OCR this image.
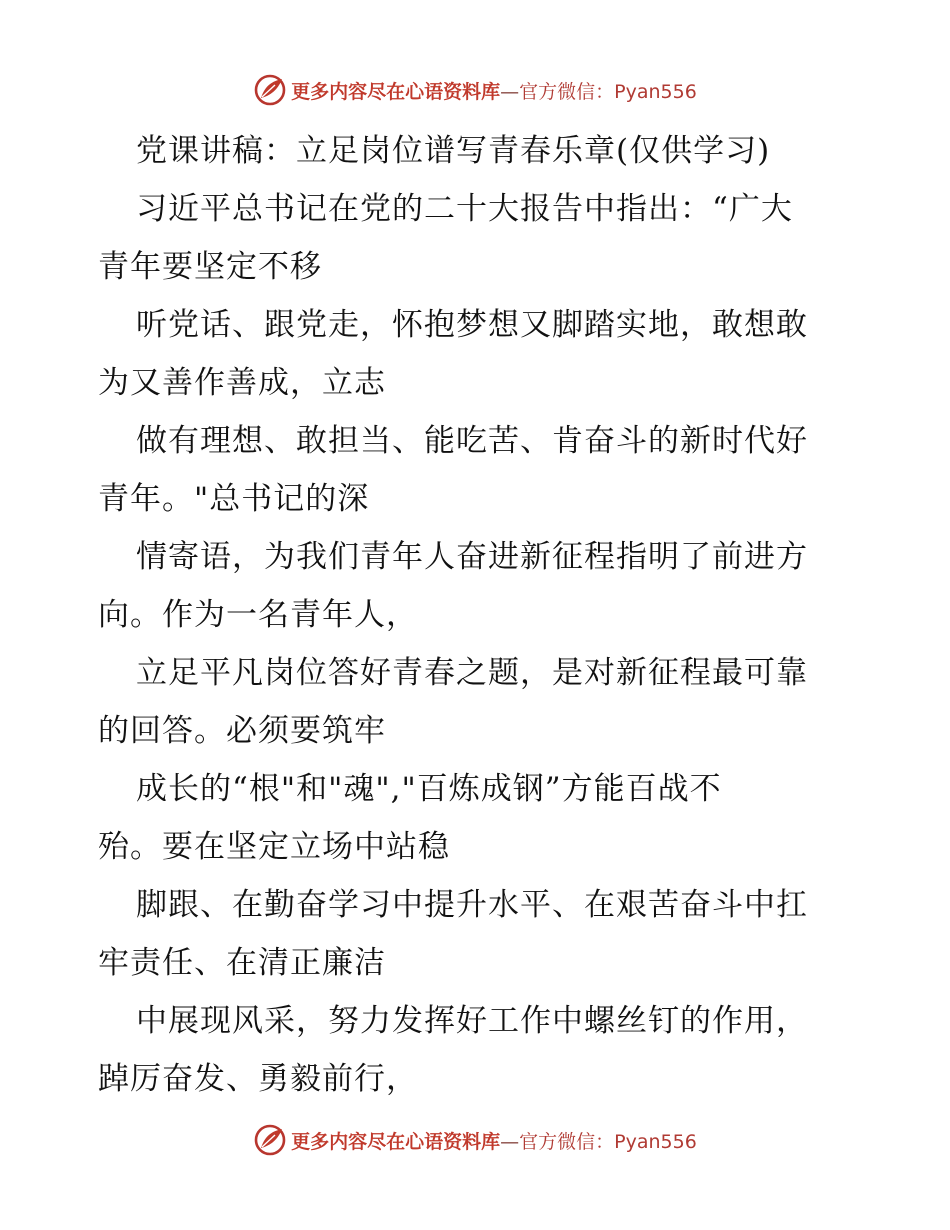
更多内容尽在心语资料库—官方微信：Pyan556
党课讲稿：立足岗位谱写青春乐章(仅供学习)
习近平总书记在党的二十大报告中指出：“广大
青年要坚定不移
听党话、跟党走，怀抱梦想又脚踏实地，敢想敢
为又善作善成，立志
做有理想、敢担当、能吃苦、肯奋斗的新时代好
青年。"总书记的深
情寄语，为我们青年人奋进新征程指明了前进方
向。作为一名青年人，
立足平凡岗位答好青春之题，是对新征程最可靠
的回答。必须要筑牢
成长的“根"和"魂","百炼成钢”方能百战不
殆。要在坚定立场中站稳
脚跟、在勤奋学习中提升水平、在艰苦奋斗中扛
牢责任、在清正廉洁
中展现风采，努力发挥好工作中螺丝钉的作用，
踔厉奋发、勇毅前行，
更多内容尽在心语资料库—官方微信：Pyan556
